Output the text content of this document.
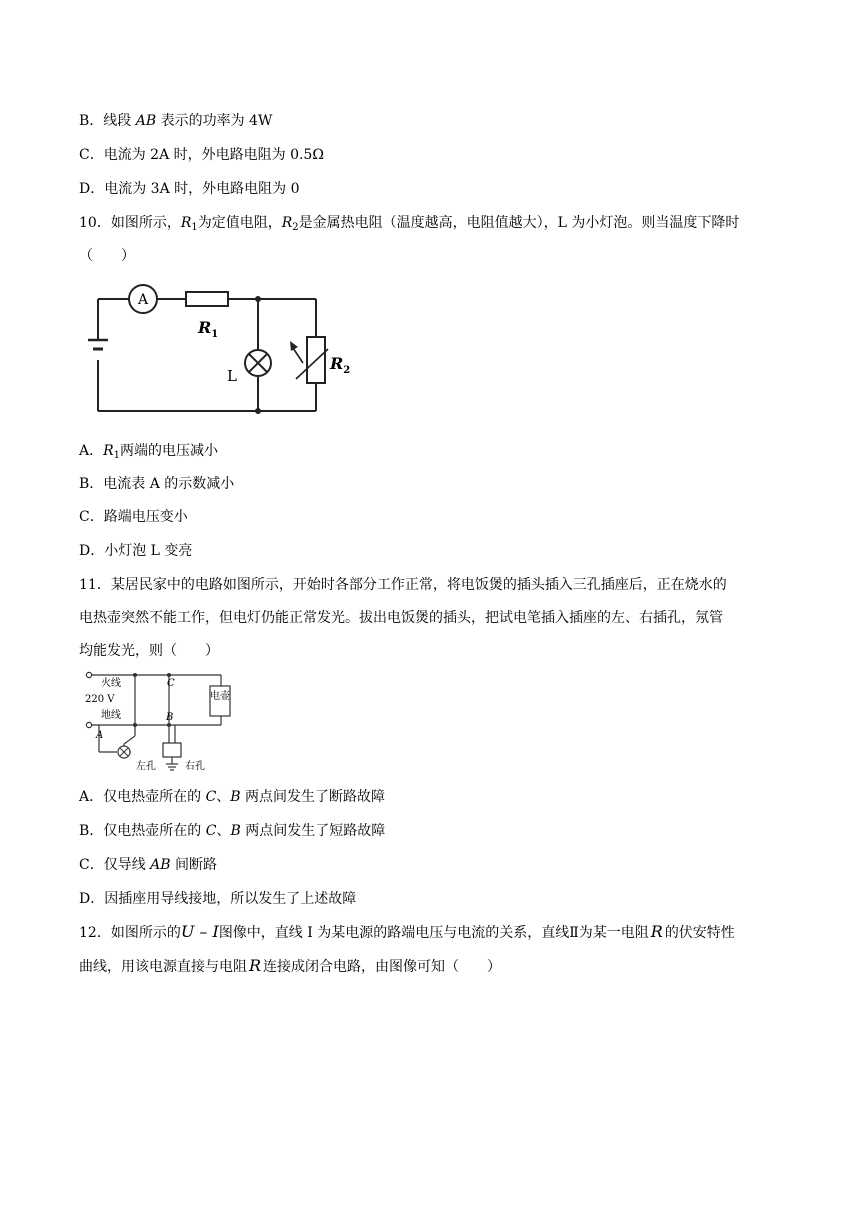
B．线段 AB 表示的功率为 4W
C．电流为 2A 时，外电路电阻为 0.5Ω
D．电流为 3A 时，外电路电阻为 0
10．如图所示，$R_1$为定值电阻，$R_2$是金属热电阻（温度越高，电阻值越大），L 为小灯泡。则当温度下降时
（　　）
A
$R_1$
L
$R_2$
A．$R_1$两端的电压减小
B．电流表 A 的示数减小
C．路端电压变小
D．小灯泡 L 变亮
11．某居民家中的电路如图所示，开始时各部分工作正常，将电饭煲的插头插入三孔插座后，正在烧水的
电热壶突然不能工作，但电灯仍能正常发光。拔出电饭煲的插头，把试电笔插入插座的左、右插孔，氖管
均能发光，则（　　）
电壶
火线
220 V
地线
C
B
A
左孔	右孔
A．仅电热壶所在的 C、B 两点间发生了断路故障
B．仅电热壶所在的 C、B 两点间发生了短路故障
C．仅导线 AB 间断路
D．因插座用导线接地，所以发生了上述故障
12．如图所示的U – I图像中，直线 I 为某电源的路端电压与电流的关系，直线Ⅱ为某一电阻 R 的伏安特性
曲线，用该电源直接与电阻 R 连接成闭合电路，由图像可知（　　）
